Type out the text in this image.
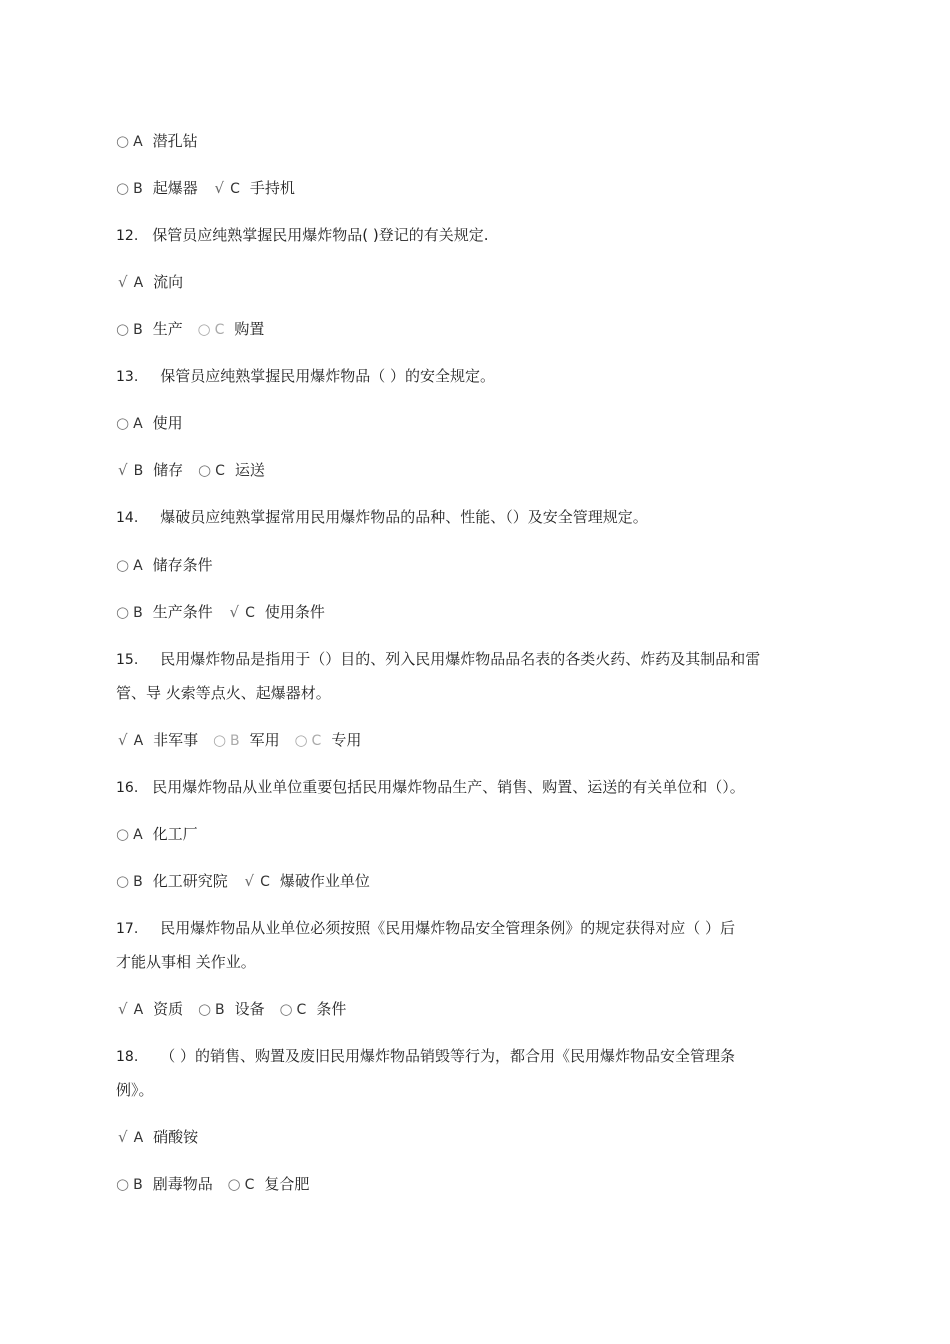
○ A 潜孔钻
○ B 起爆器 √ C 手持机
12. 保管员应纯熟掌握民用爆炸物品( )登记的有关规定.
√ A 流向
○ B 生产 ○ C 购置
13. 保管员应纯熟掌握民用爆炸物品（ ）的安全规定。
○ A 使用
√ B 储存 ○ C 运送
14. 爆破员应纯熟掌握常用民用爆炸物品的品种、性能、（）及安全管理规定。
○ A 储存条件
○ B 生产条件 √ C 使用条件
15. 民用爆炸物品是指用于（）目的、列入民用爆炸物品品名表的各类火药、炸药及其制品和雷
管、导 火索等点火、起爆器材。
√ A 非军事 ○ B 军用 ○ C 专用
16. 民用爆炸物品从业单位重要包括民用爆炸物品生产、销售、购置、运送的有关单位和（）。
○ A 化工厂
○ B 化工研究院 √ C 爆破作业单位
17. 民用爆炸物品从业单位必须按照《民用爆炸物品安全管理条例》的规定获得对应（ ）后
才能从事相 关作业。
√ A 资质 ○ B 设备 ○ C 条件
18. （ ）的销售、购置及废旧民用爆炸物品销毁等行为，都合用《民用爆炸物品安全管理条
例》。
√ A 硝酸铵
○ B 剧毒物品 ○ C 复合肥
